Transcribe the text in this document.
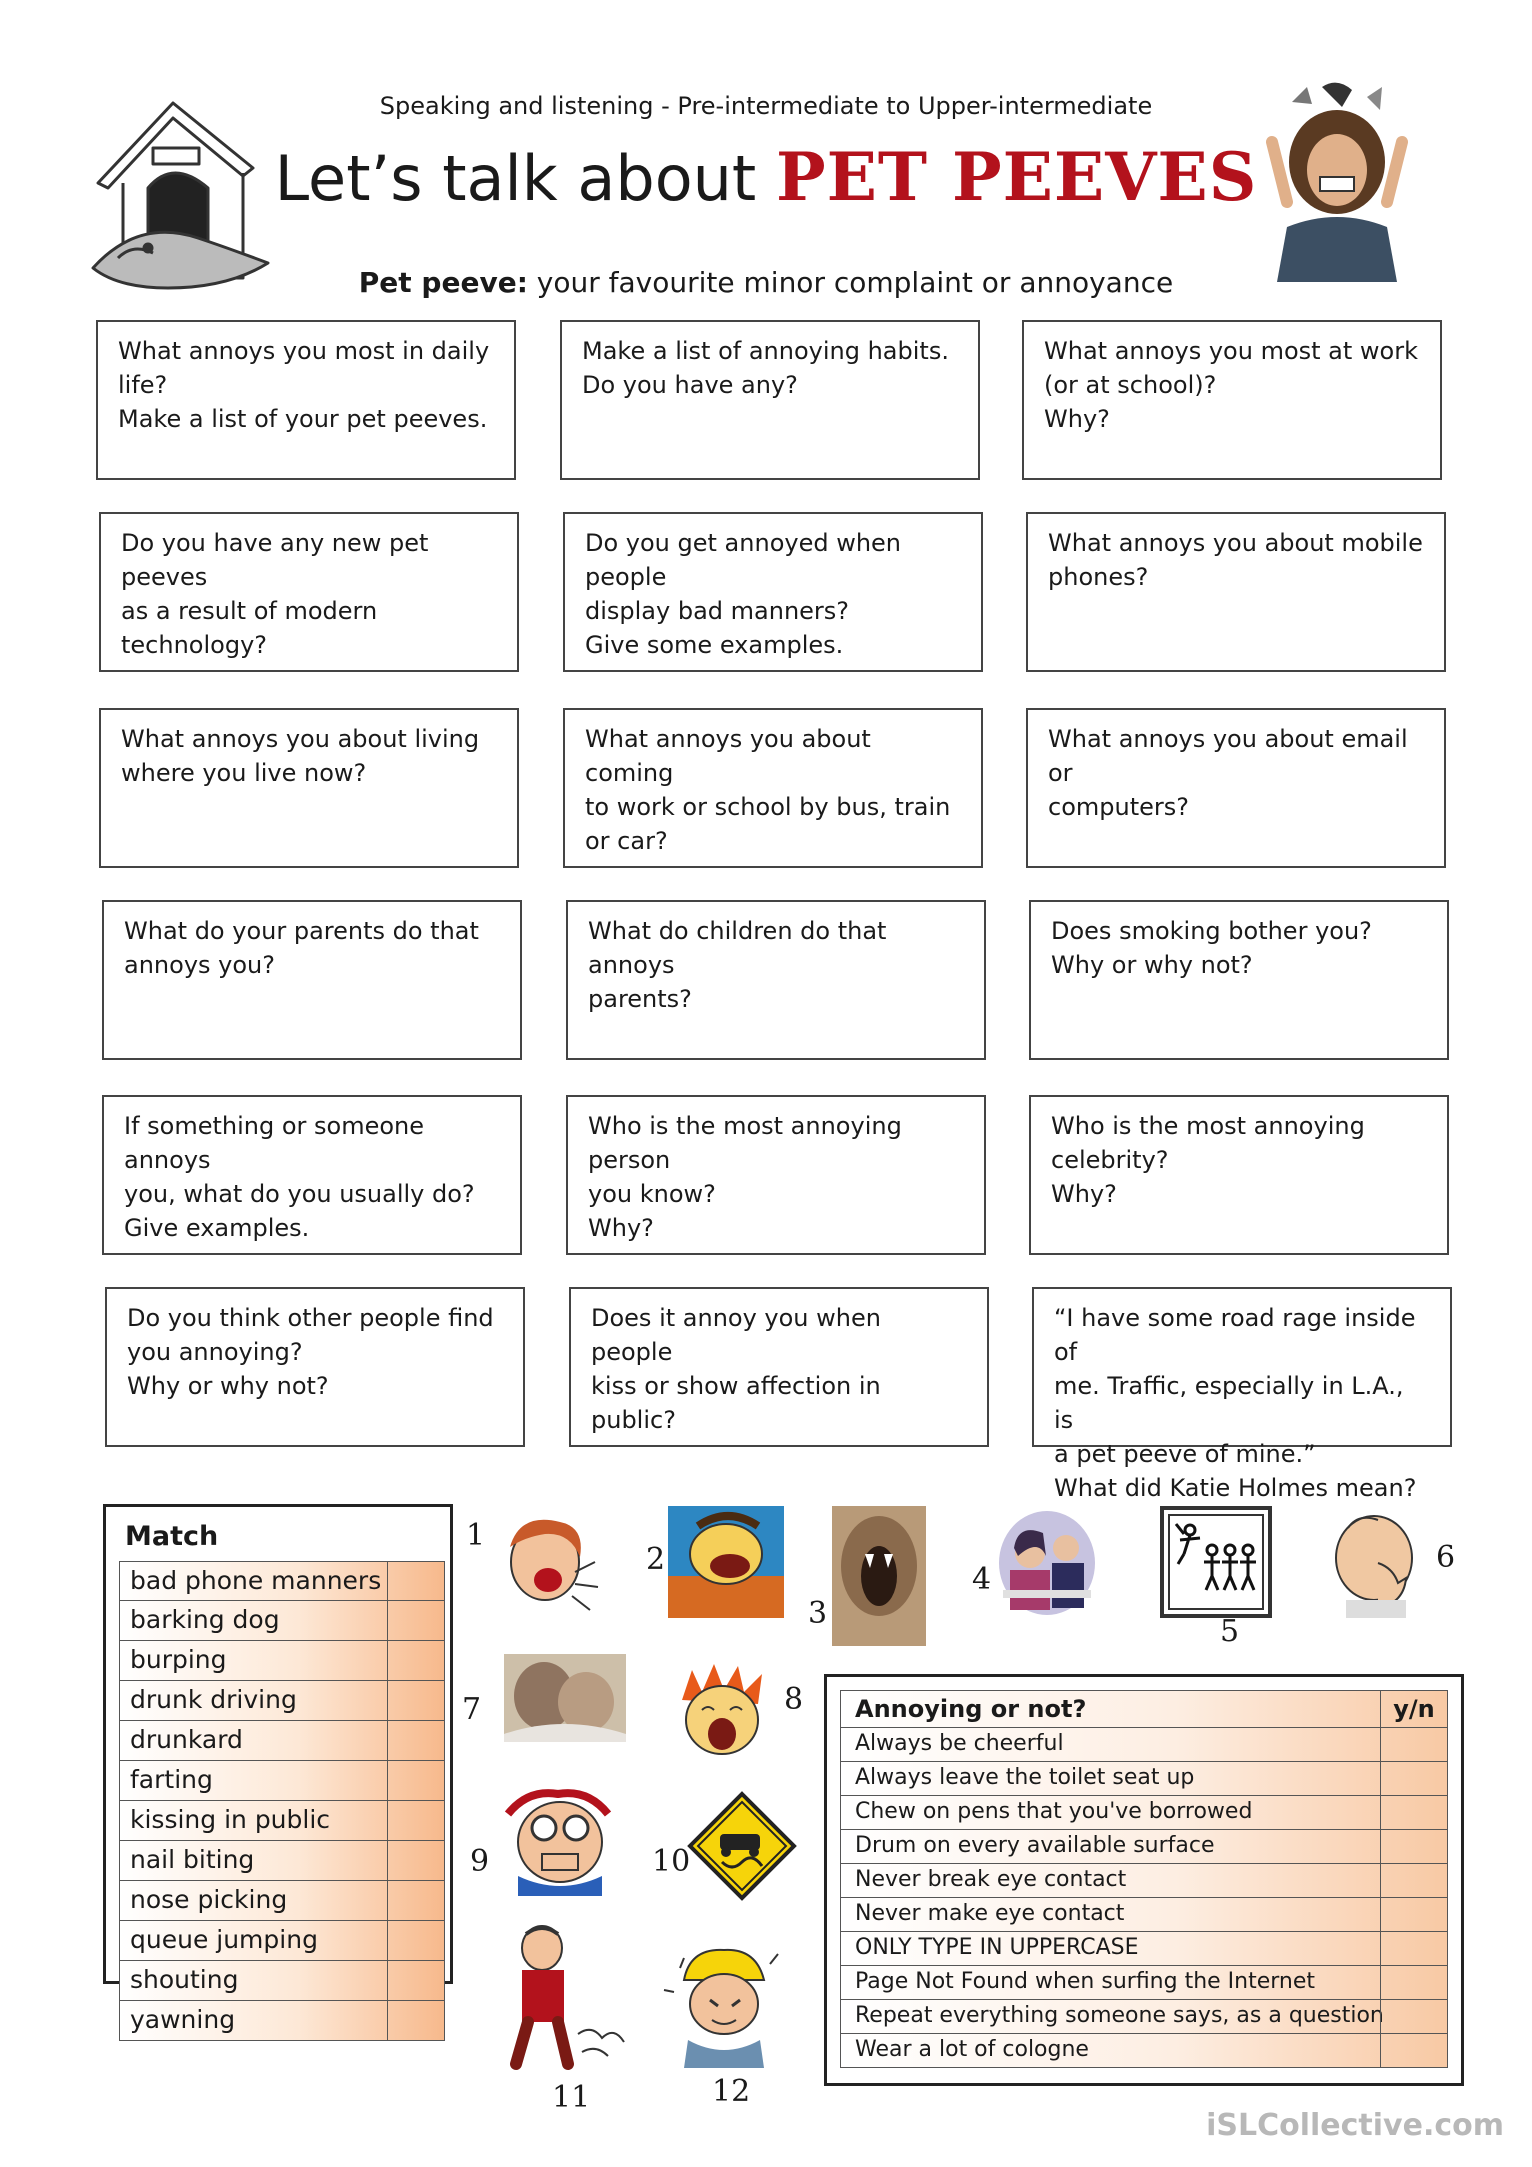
Speaking and listening - Pre-intermediate to Upper-intermediate
Let’s talk about PET PEEVES
Pet peeve: your favourite minor complaint or annoyance
What annoys you most in daily
life?
Make a list of your pet peeves.
Make a list of annoying habits.
Do you have any?
What annoys you most at work
(or at school)?
Why?
Do you have any new pet peeves
as a result of modern
technology?
Do you get annoyed when people
display bad manners?
Give some examples.
What annoys you about mobile
phones?
What annoys you about living
where you live now?
What annoys you about coming
to work or school by bus, train
or car?
What annoys you about email or
computers?
What do your parents do that
annoys you?
What do children do that annoys
parents?
Does smoking bother you?
Why or why not?
If something or someone annoys
you, what do you usually do?
Give examples.
Who is the most annoying person
you know?
Why?
Who is the most annoying
celebrity?
Why?
Do you think other people find
you annoying?
Why or why not?
Does it annoy you when people
kiss or show affection in public?
“I have some road rage inside of
me. Traffic, especially in L.A., is
a pet peeve of mine.”
What did Katie Holmes mean?
Match
bad phone manners
barking dog
burping
drunk driving
drunkard
farting
kissing in public
nail biting
nose picking
queue jumping
shouting
yawning
1
2
3
4
5
6
7	8
9	10
11	12
Annoying or not?	y/n
Always be cheerful
Always leave the toilet seat up
Chew on pens that you've borrowed
Drum on every available surface
Never break eye contact
Never make eye contact
ONLY TYPE IN UPPERCASE
Page Not Found when surfing the Internet
Repeat everything someone says, as a question
Wear a lot of cologne
iSLCollective.com
